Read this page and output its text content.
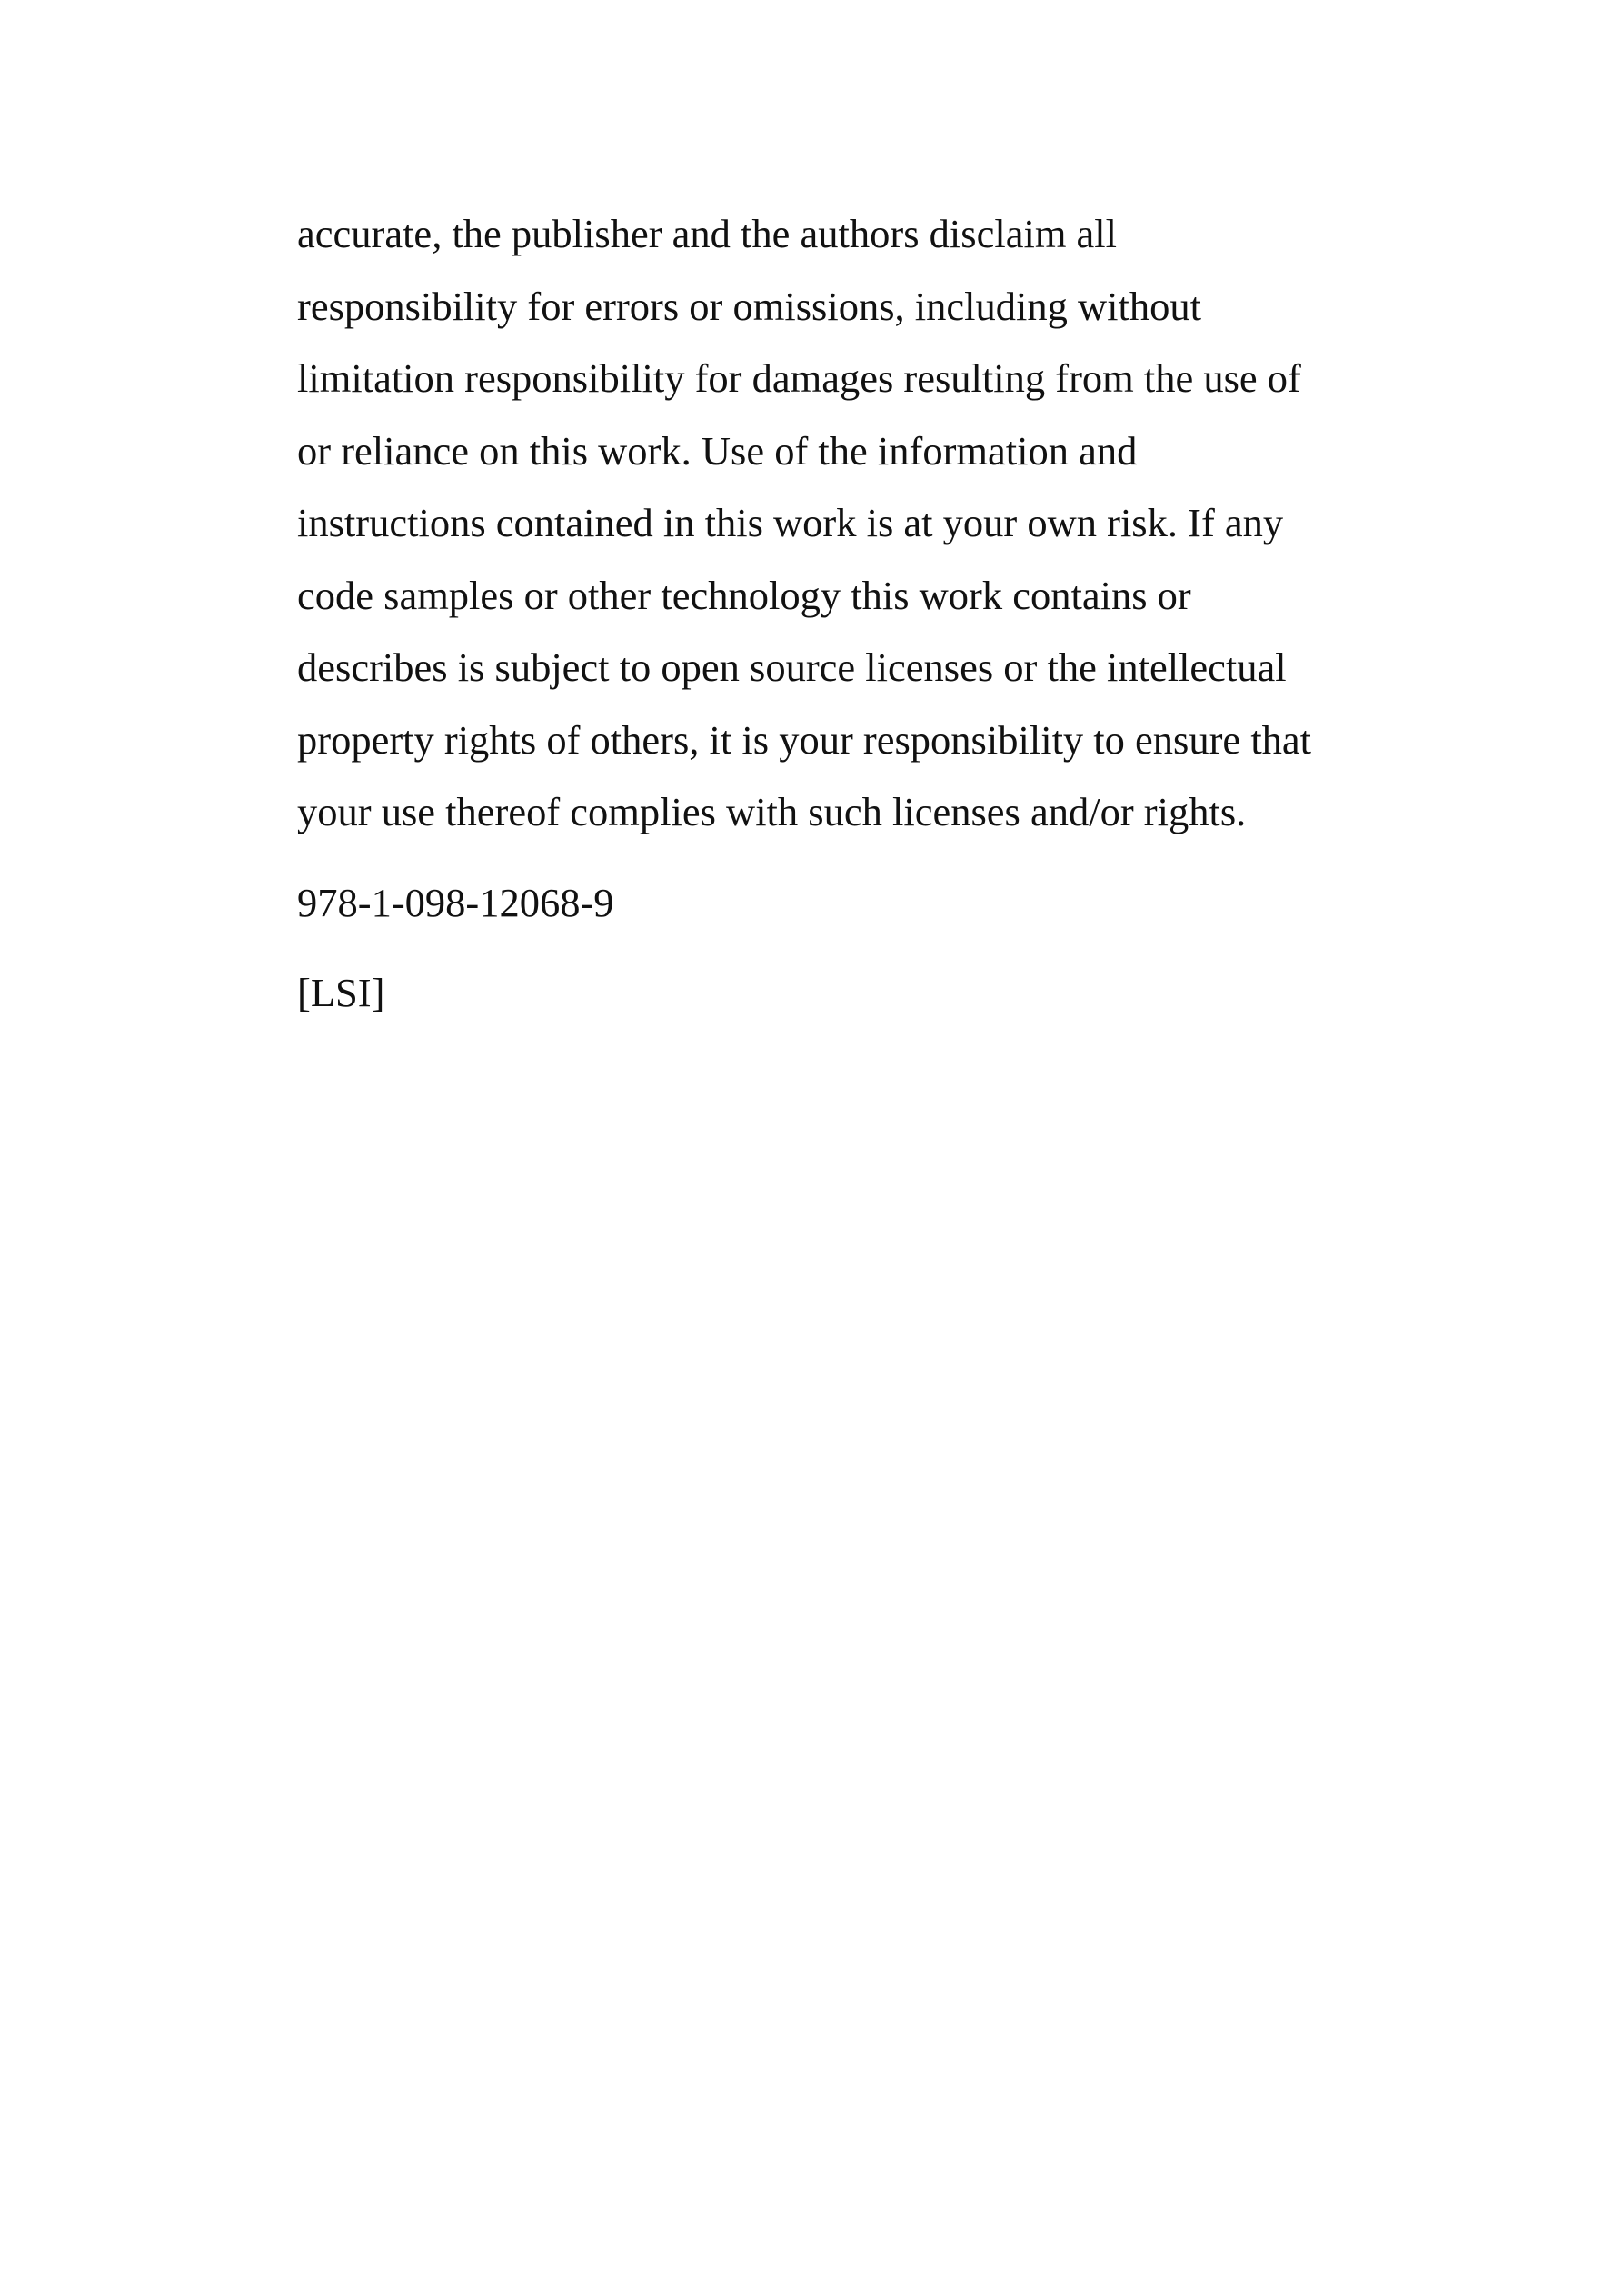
accurate, the publisher and the authors disclaim all
responsibility for errors or omissions, including without
limitation responsibility for damages resulting from the use of
or reliance on this work. Use of the information and
instructions contained in this work is at your own risk. If any
code samples or other technology this work contains or
describes is subject to open source licenses or the intellectual
property rights of others, it is your responsibility to ensure that
your use thereof complies with such licenses and/or rights.
978-1-098-12068-9
[LSI]
